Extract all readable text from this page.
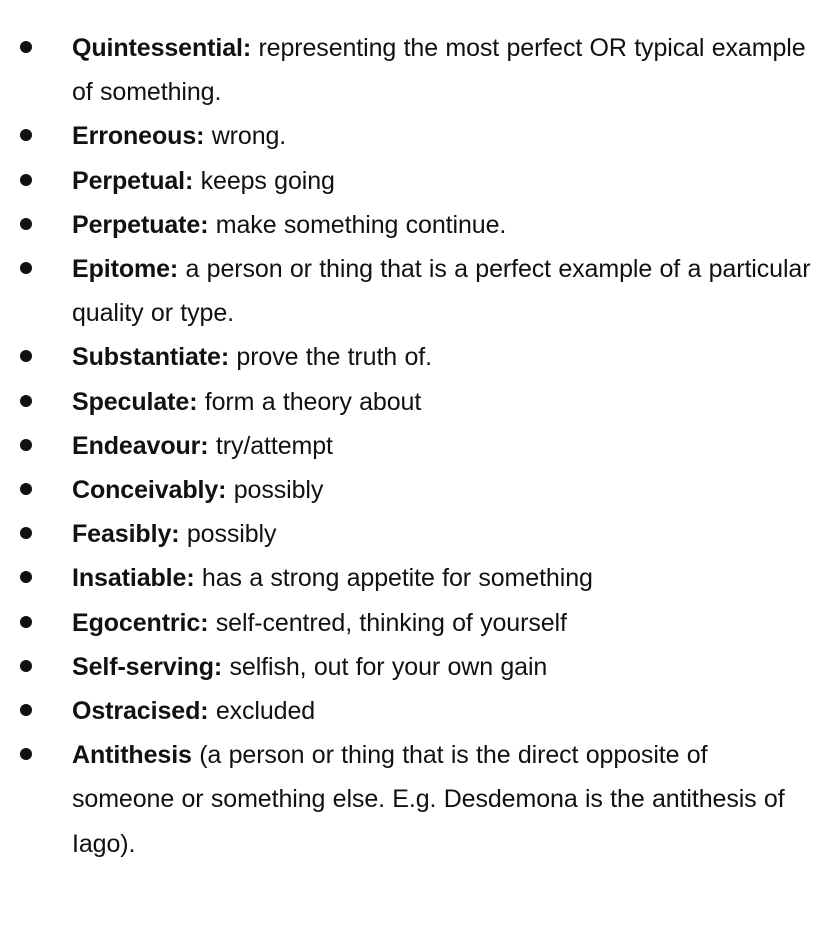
Quintessential: representing the most perfect OR typical example of something.
Erroneous: wrong.
Perpetual: keeps going
Perpetuate: make something continue.
Epitome: a person or thing that is a perfect example of a particular quality or type.
Substantiate: prove the truth of.
Speculate: form a theory about
Endeavour: try/attempt
Conceivably: possibly
Feasibly: possibly
Insatiable: has a strong appetite for something
Egocentric: self-centred, thinking of yourself
Self-serving: selfish, out for your own gain
Ostracised: excluded
Antithesis (a person or thing that is the direct opposite of someone or something else. E.g. Desdemona is the antithesis of Iago).
